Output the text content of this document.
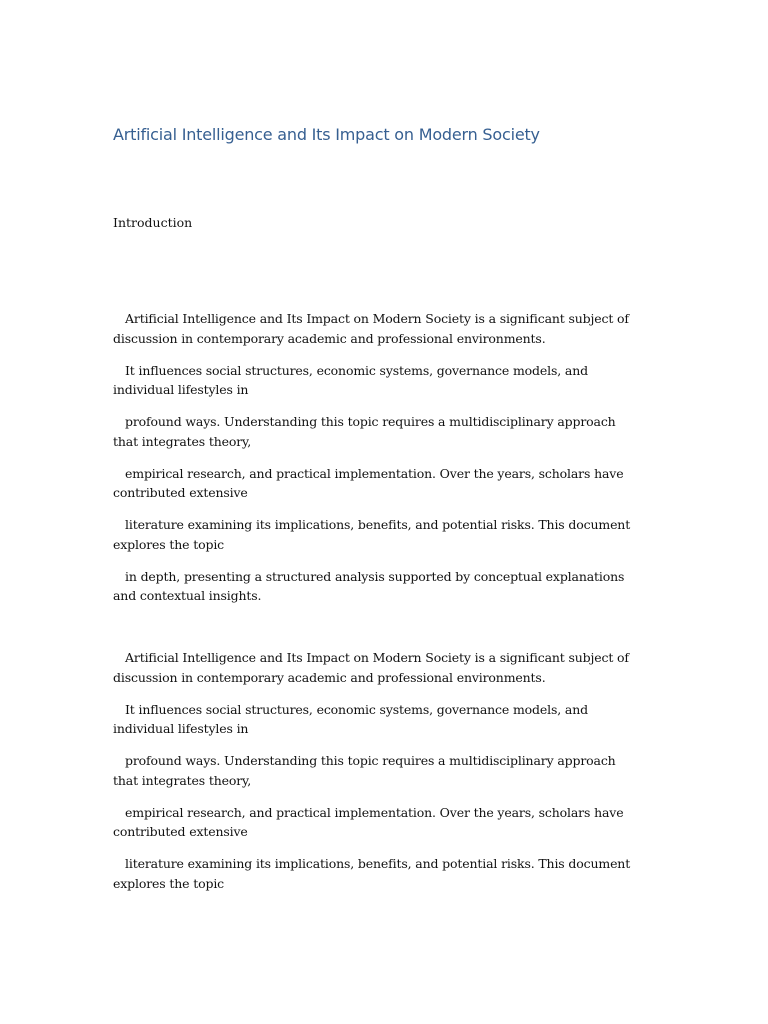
Artificial Intelligence and Its Impact on Modern Society

Introduction

Artificial Intelligence and Its Impact on Modern Society is a significant subject of discussion in contemporary academic and professional environments.

It influences social structures, economic systems, governance models, and individual lifestyles in

profound ways. Understanding this topic requires a multidisciplinary approach that integrates theory,

empirical research, and practical implementation. Over the years, scholars have contributed extensive

literature examining its implications, benefits, and potential risks. This document explores the topic

in depth, presenting a structured analysis supported by conceptual explanations and contextual insights.

Artificial Intelligence and Its Impact on Modern Society is a significant subject of discussion in contemporary academic and professional environments.

It influences social structures, economic systems, governance models, and individual lifestyles in

profound ways. Understanding this topic requires a multidisciplinary approach that integrates theory,

empirical research, and practical implementation. Over the years, scholars have contributed extensive

literature examining its implications, benefits, and potential risks. This document explores the topic
